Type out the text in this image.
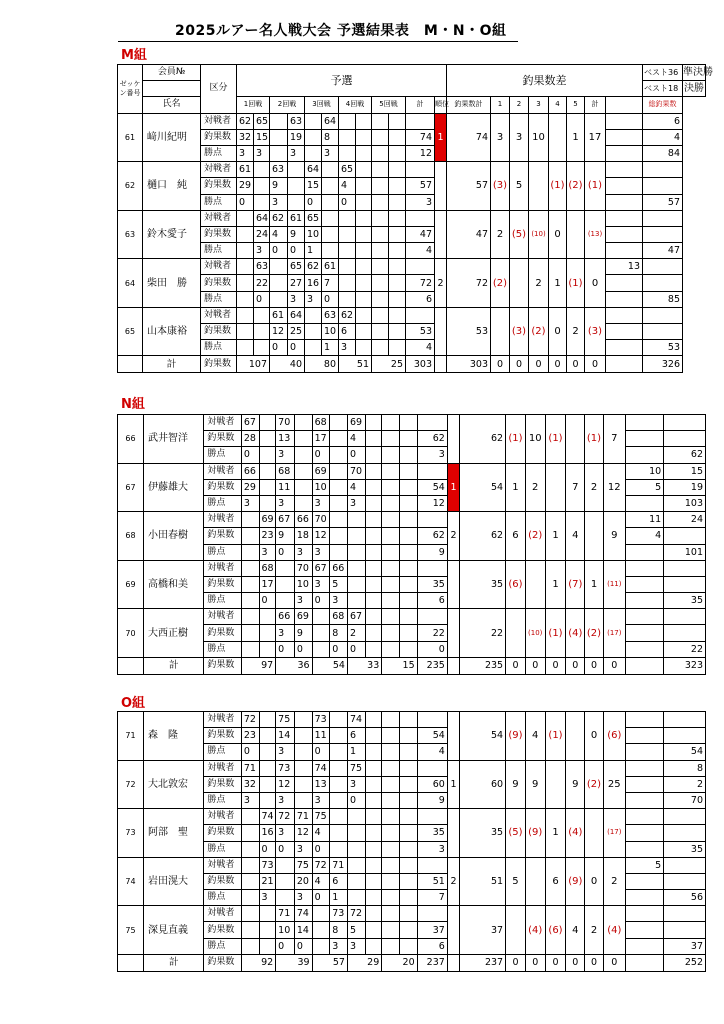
2025ルアー名人戦大会 予選結果表　M・N・O組
M組
N組
O組
ゼッケン番号	会員№	区分	予選												釣果数差								ベスト36	準決勝
																							ベスト18	決勝
	氏名		1回戦		2回戦		3回戦		4回戦		5回戦		計	順位	釣果数計	1	2	3	4	5	計		総釣果数	
61	﨑川紀明	対戦者	62	65		63		64						1	74	3	3	10		1	17		6	
		釣果数	32	15		19		8					74										4	
		勝点	3	3		3		3					12										84	
62	樋口　純	対戦者	61		63		64		65						57	(3)	5		(1)	(2)	(1)			
		釣果数	29		9		15		4				57											
		勝点	0		3		0		0				3										57	
63	鈴木愛子	対戦者		64	62	61	65								47	2	(5)	(10)	0		(13)			
		釣果数		24	4	9	10						47											
		勝点		3	0	0	1						4										47	
64	柴田　勝	対戦者		63		65	62	61						2	72	(2)		2	1	(1)	0	13		
		釣果数		22		27	16	7					72											
		勝点		0		3	3	0					6										85	
65	山本康裕	対戦者			61	64		63	62						53		(3)	(2)	0	2	(3)			
		釣果数			12	25		10	6				53											
		勝点			0	0		1	3				4										53	
	計	釣果数	107		40		80		51		25		303		303	0	0	0	0	0	0		326	
66	武井智洋	対戦者	67		70		68		69						62	(1)	10	(1)		(1)	7		
		釣果数	28		13		17		4				62										
		勝点	0		3		0		0				3										62
67	伊藤雄大	対戦者	66		68		69		70					1	54	1	2		7	2	12	10	15
		釣果数	29		11		10		4				54									5	19
		勝点	3		3		3		3				12										103
68	小田春樹	対戦者		69	67	66	70							2	62	6	(2)	1	4		9	11	24
		釣果数		23	9	18	12						62									4	
		勝点		3	0	3	3						9										101
69	高橋和美	対戦者		68		70	67	66							35	(6)		1	(7)	1	(11)		
		釣果数		17		10	3	5					35										
		勝点		0		3	0	3					6										35
70	大西正樹	対戦者			66	69		68	67						22		(10)	(1)	(4)	(2)	(17)		
		釣果数			3	9		8	2				22										
		勝点			0	0		0	0				0										22
	計	釣果数	97		36		54		33		15		235		235	0	0	0	0	0	0		323
71	森　隆	対戦者	72		75		73		74						54	(9)	4	(1)		0	(6)		
		釣果数	23		14		11		6				54										
		勝点	0		3		0		1				4										54
72	大北敦宏	対戦者	71		73		74		75					1	60	9	9		9	(2)	25		8
		釣果数	32		12		13		3				60										2
		勝点	3		3		3		0				9										70
73	阿部　聖	対戦者		74	72	71	75								35	(5)	(9)	1	(4)		(17)		
		釣果数		16	3	12	4						35										
		勝点		0	0	3	0						3										35
74	岩田滉大	対戦者		73		75	72	71						2	51	5		6	(9)	0	2	5	
		釣果数		21		20	4	6					51										
		勝点		3		3	0	1					7										56
75	深見直義	対戦者			71	74		73	72						37		(4)	(6)	4	2	(4)		
		釣果数			10	14		8	5				37										
		勝点			0	0		3	3				6										37
	計	釣果数	92		39		57		29		20		237		237	0	0	0	0	0	0		252
